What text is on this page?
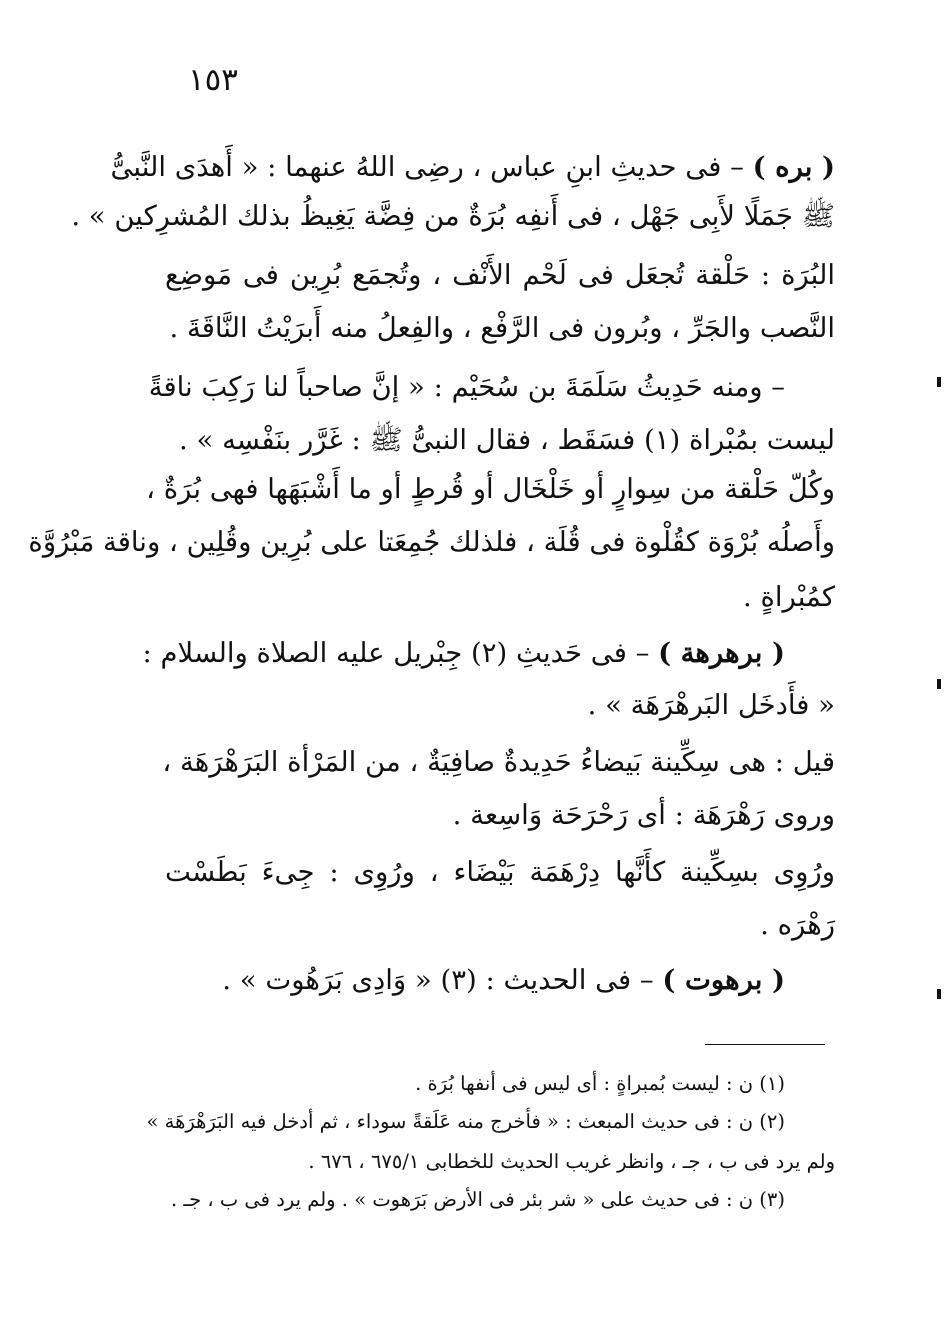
١٥٣
( بره ) – فى حديثِ ابنِ عباس ، رضِى اللهُ عنهما : « أَهدَى النَّبىُّ
ﷺ جَمَلًا لأَبِى جَهْل ، فى أَنفِه بُرَةٌ من فِضَّة يَغِيظُ بذلك المُشرِكين » .
البُرَة : حَلْقة تُجعَل فى لَحْم الأَنْف ، وتُجمَع بُرِين فى مَوضِع
النَّصب والجَرِّ ، وبُرون فى الرَّفْع ، والفِعلُ منه أَبرَيْتُ النَّاقَةَ .
– ومنه حَدِيثُ سَلَمَةَ بن سُحَيْم : « إنَّ صاحباً لنا رَكِبَ ناقةً
ليست بمُبْراة (١) فسَقَط ، فقال النبىُّ ﷺ : غَرَّر بنَفْسِه » .
وكُلّ حَلْقة من سِوارٍ أو خَلْخَال أو قُرطٍ أو ما أَشْبَهَها فهى بُرَةٌ ،
وأَصلُه بُرْوَة كقُلْوة فى قُلَة ، فلذلك جُمِعَتا على بُرِين وقُلِين ، وناقة مَبْرُوَّة
كمُبْراةٍ .
( برهرهة ) – فى حَديثِ (٢) جِبْريل عليه الصلاة والسلام :
« فأَدخَل البَرهْرَهَة » .
قيل : هى سِكِّينة بَيضاءُ حَدِيدةٌ صافِيَةٌ ، من المَرْأة البَرَهْرَهَة ،
وروى رَهْرَهَة : أى رَحْرَحَة وَاسِعة .
ورُوِى بسِكِّينة كأَنَّها دِرْهَمَة بَيْضَاء ، ورُوِى : جِىءَ بَطَسْت
رَهْرَه .
( برهوت ) – فى الحديث : (٣) « وَادِى بَرَهُوت » .
(١) ن : ليست بُمبراةٍ : أى ليس فى أنفها بُرَة .
(٢) ن : فى حديث المبعث : « فأخرج منه عَلَقةً سوداء ، ثم أدخل فيه البَرَهْرَهَة »
ولم يرد فى ب ، جـ ، وانظر غريب الحديث للخطابى ٦٧٥/١ ، ٦٧٦ .
(٣) ن : فى حديث على « شر بئر فى الأرض بَرَهوت » . ولم يرد فى ب ، جـ .
